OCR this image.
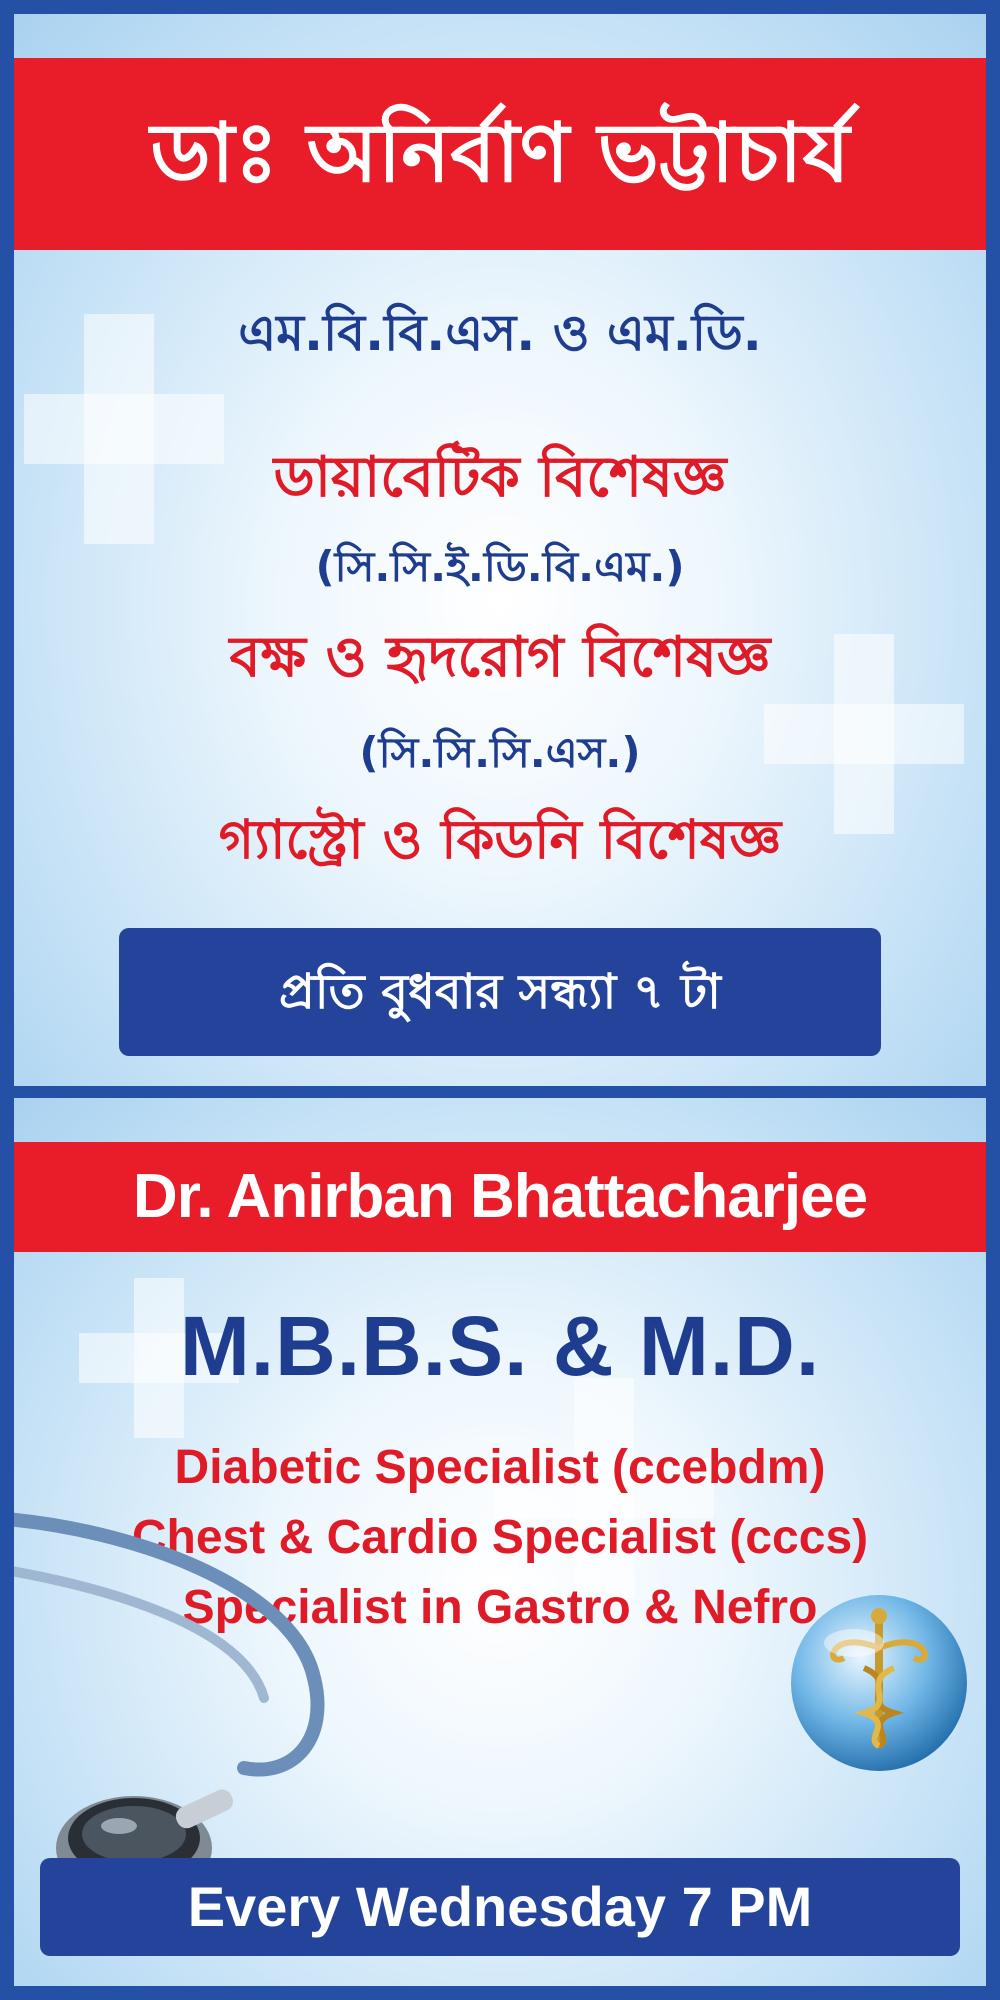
ডাঃ অনির্বাণ ভট্টাচার্য
এম.বি.বি.এস. ও এম.ডি.
ডায়াবেটিক বিশেষজ্ঞ
(সি.সি.ই.ডি.বি.এম.)
বক্ষ ও হৃদরোগ বিশেষজ্ঞ
(সি.সি.সি.এস.)
গ্যাস্ট্রো ও কিডনি বিশেষজ্ঞ
প্রতি বুধবার সন্ধ্যা ৭ টা
Dr. Anirban Bhattacharjee
M.B.B.S. & M.D.
Diabetic Specialist (ccebdm)
Chest & Cardio Specialist (cccs)
Specialist in Gastro & Nefro
Every Wednesday 7 PM
